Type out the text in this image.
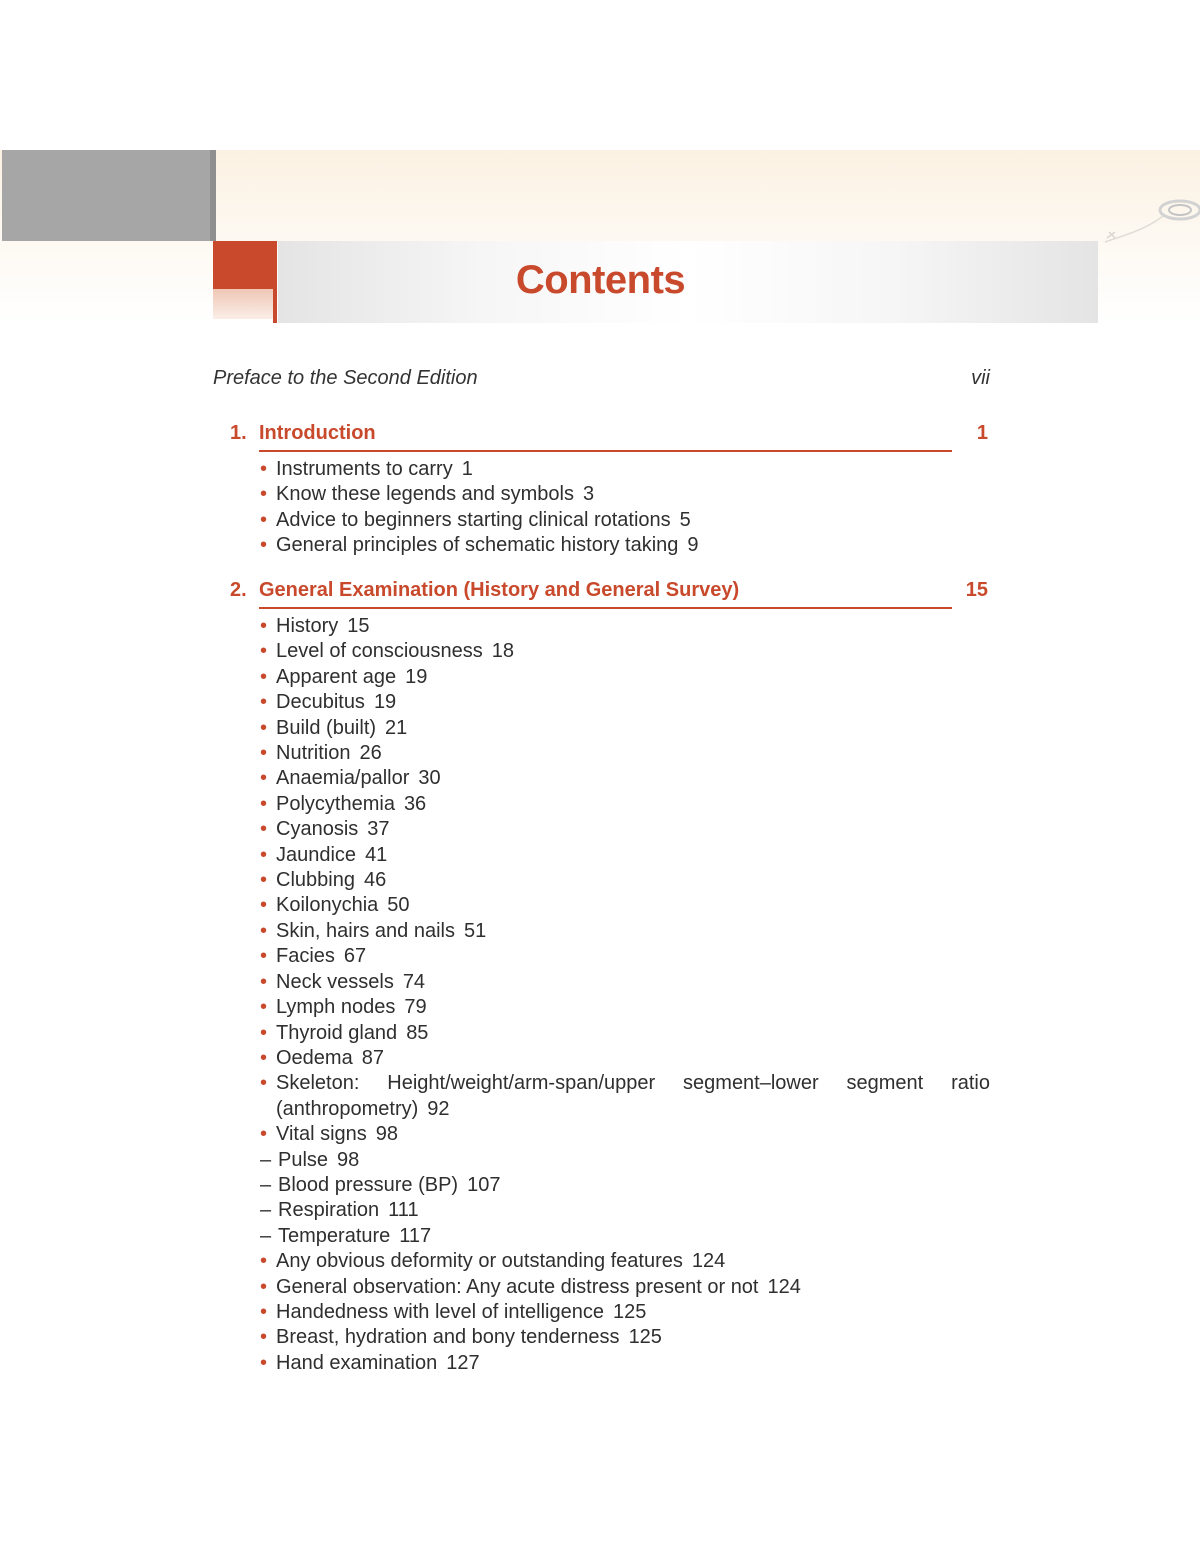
Contents
Preface to the Second Edition	vii
1. Introduction	1
• Instruments to carry 1
• Know these legends and symbols 3
• Advice to beginners starting clinical rotations 5
• General principles of schematic history taking 9
2. General Examination (History and General Survey)	15
• History 15
• Level of consciousness 18
• Apparent age 19
• Decubitus 19
• Build (built) 21
• Nutrition 26
• Anaemia/pallor 30
• Polycythemia 36
• Cyanosis 37
• Jaundice 41
• Clubbing 46
• Koilonychia 50
• Skin, hairs and nails 51
• Facies 67
• Neck vessels 74
• Lymph nodes 79
• Thyroid gland 85
• Oedema 87
• Skeleton: Height/weight/arm-span/upper segment–lower segment ratio (anthropometry) 92
• Vital signs 98
– Pulse 98
– Blood pressure (BP) 107
– Respiration 111
– Temperature 117
• Any obvious deformity or outstanding features 124
• General observation: Any acute distress present or not 124
• Handedness with level of intelligence 125
• Breast, hydration and bony tenderness 125
• Hand examination 127
